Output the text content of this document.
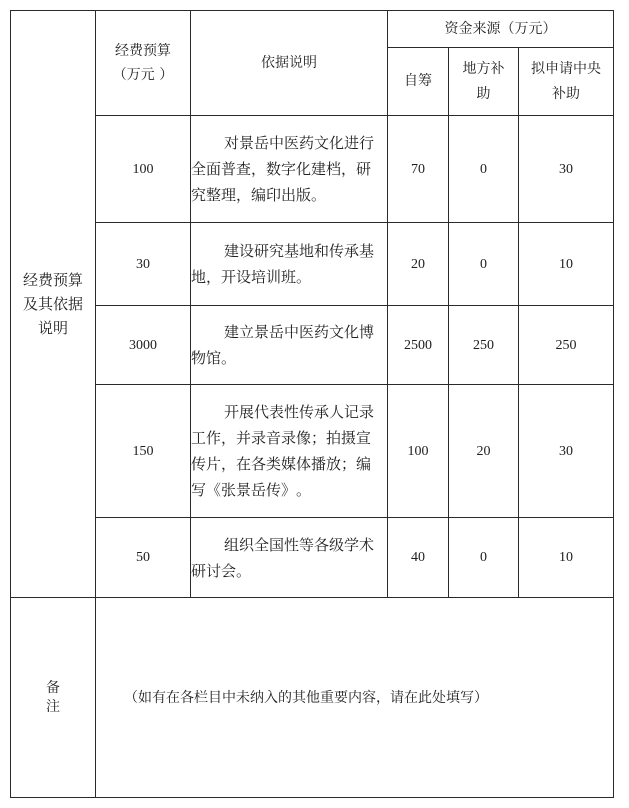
经费预算及其依据说明	经费预算
（万元 ）	依据说明	资金来源（万元）		
			自筹	地方补助	拟申请中央补助

	100	对景岳中医药文化进行全面普查，数字化建档，研究整理，编印出版。	70	0	30
	30	建设研究基地和传承基地，开设培训班。	20	0	10
	3000	建立景岳中医药文化博物馆。	2500	250	250
	150	开展代表性传承人记录工作，并录音录像；拍摄宣传片，在各类媒体播放；编写《张景岳传》。	100	20	30
	50	组织全国性等各级学术研讨会。	40	0	10

备注	（如有在各栏目中未纳入的其他重要内容，请在此处填写）				
